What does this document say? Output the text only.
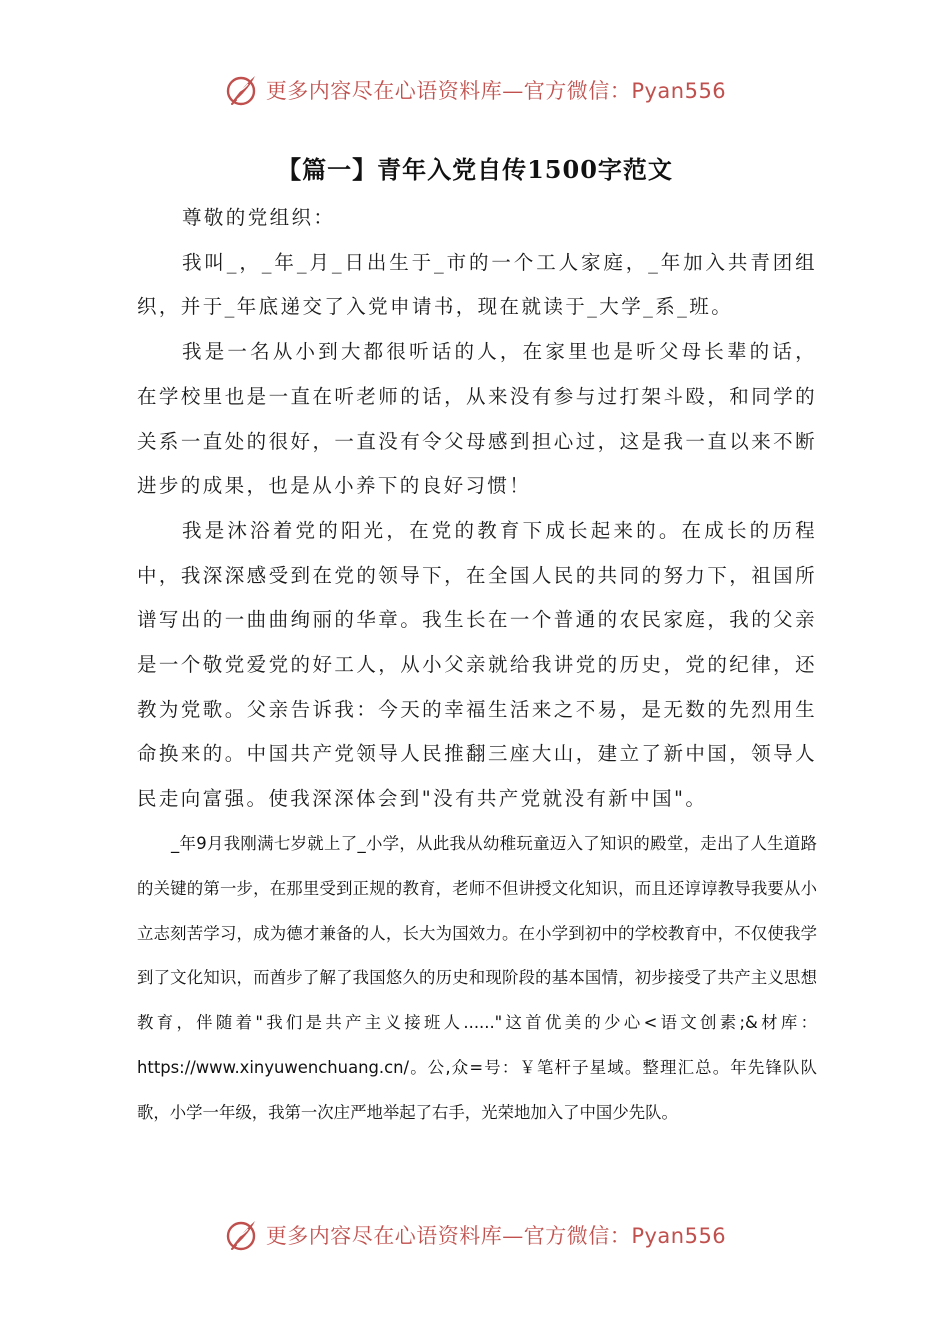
更多内容尽在心语资料库—官方微信：Pyan556
【篇一】青年入党自传1500字范文

尊敬的党组织：

我叫_，_年_月_日出生于_市的一个工人家庭，_年加入共青团组织，并于_年底递交了入党申请书，现在就读于_大学_系_班。

我是一名从小到大都很听话的人，在家里也是听父母长辈的话，在学校里也是一直在听老师的话，从来没有参与过打架斗殴，和同学的关系一直处的很好，一直没有令父母感到担心过，这是我一直以来不断进步的成果，也是从小养下的良好习惯！

我是沐浴着党的阳光，在党的教育下成长起来的。在成长的历程中，我深深感受到在党的领导下，在全国人民的共同的努力下，祖国所谱写出的一曲曲绚丽的华章。我生长在一个普通的农民家庭，我的父亲是一个敬党爱党的好工人，从小父亲就给我讲党的历史，党的纪律，还教为党歌。父亲告诉我：今天的幸福生活来之不易，是无数的先烈用生命换来的。中国共产党领导人民推翻三座大山，建立了新中国，领导人民走向富强。使我深深体会到"没有共产党就没有新中国"。

_年9月我刚满七岁就上了_小学，从此我从幼稚玩童迈入了知识的殿堂，走出了人生道路的关键的第一步，在那里受到正规的教育，老师不但讲授文化知识，而且还谆谆教导我要从小立志刻苦学习，成为德才兼备的人，长大为国效力。在小学到初中的学校教育中，不仅使我学到了文化知识，而酋步了解了我国悠久的历史和现阶段的基本国情，初步接受了共产主义思想教育，伴随着"我们是共产主义接班人......"这首优美的少心<语文创素;&材库：https://www.xinyuwenchuang.cn/。公,众=号：￥笔杆子星域。整理汇总。年先锋队队歌，小学一年级，我第一次庄严地举起了右手，光荣地加入了中国少先队。

更多内容尽在心语资料库—官方微信：Pyan556
